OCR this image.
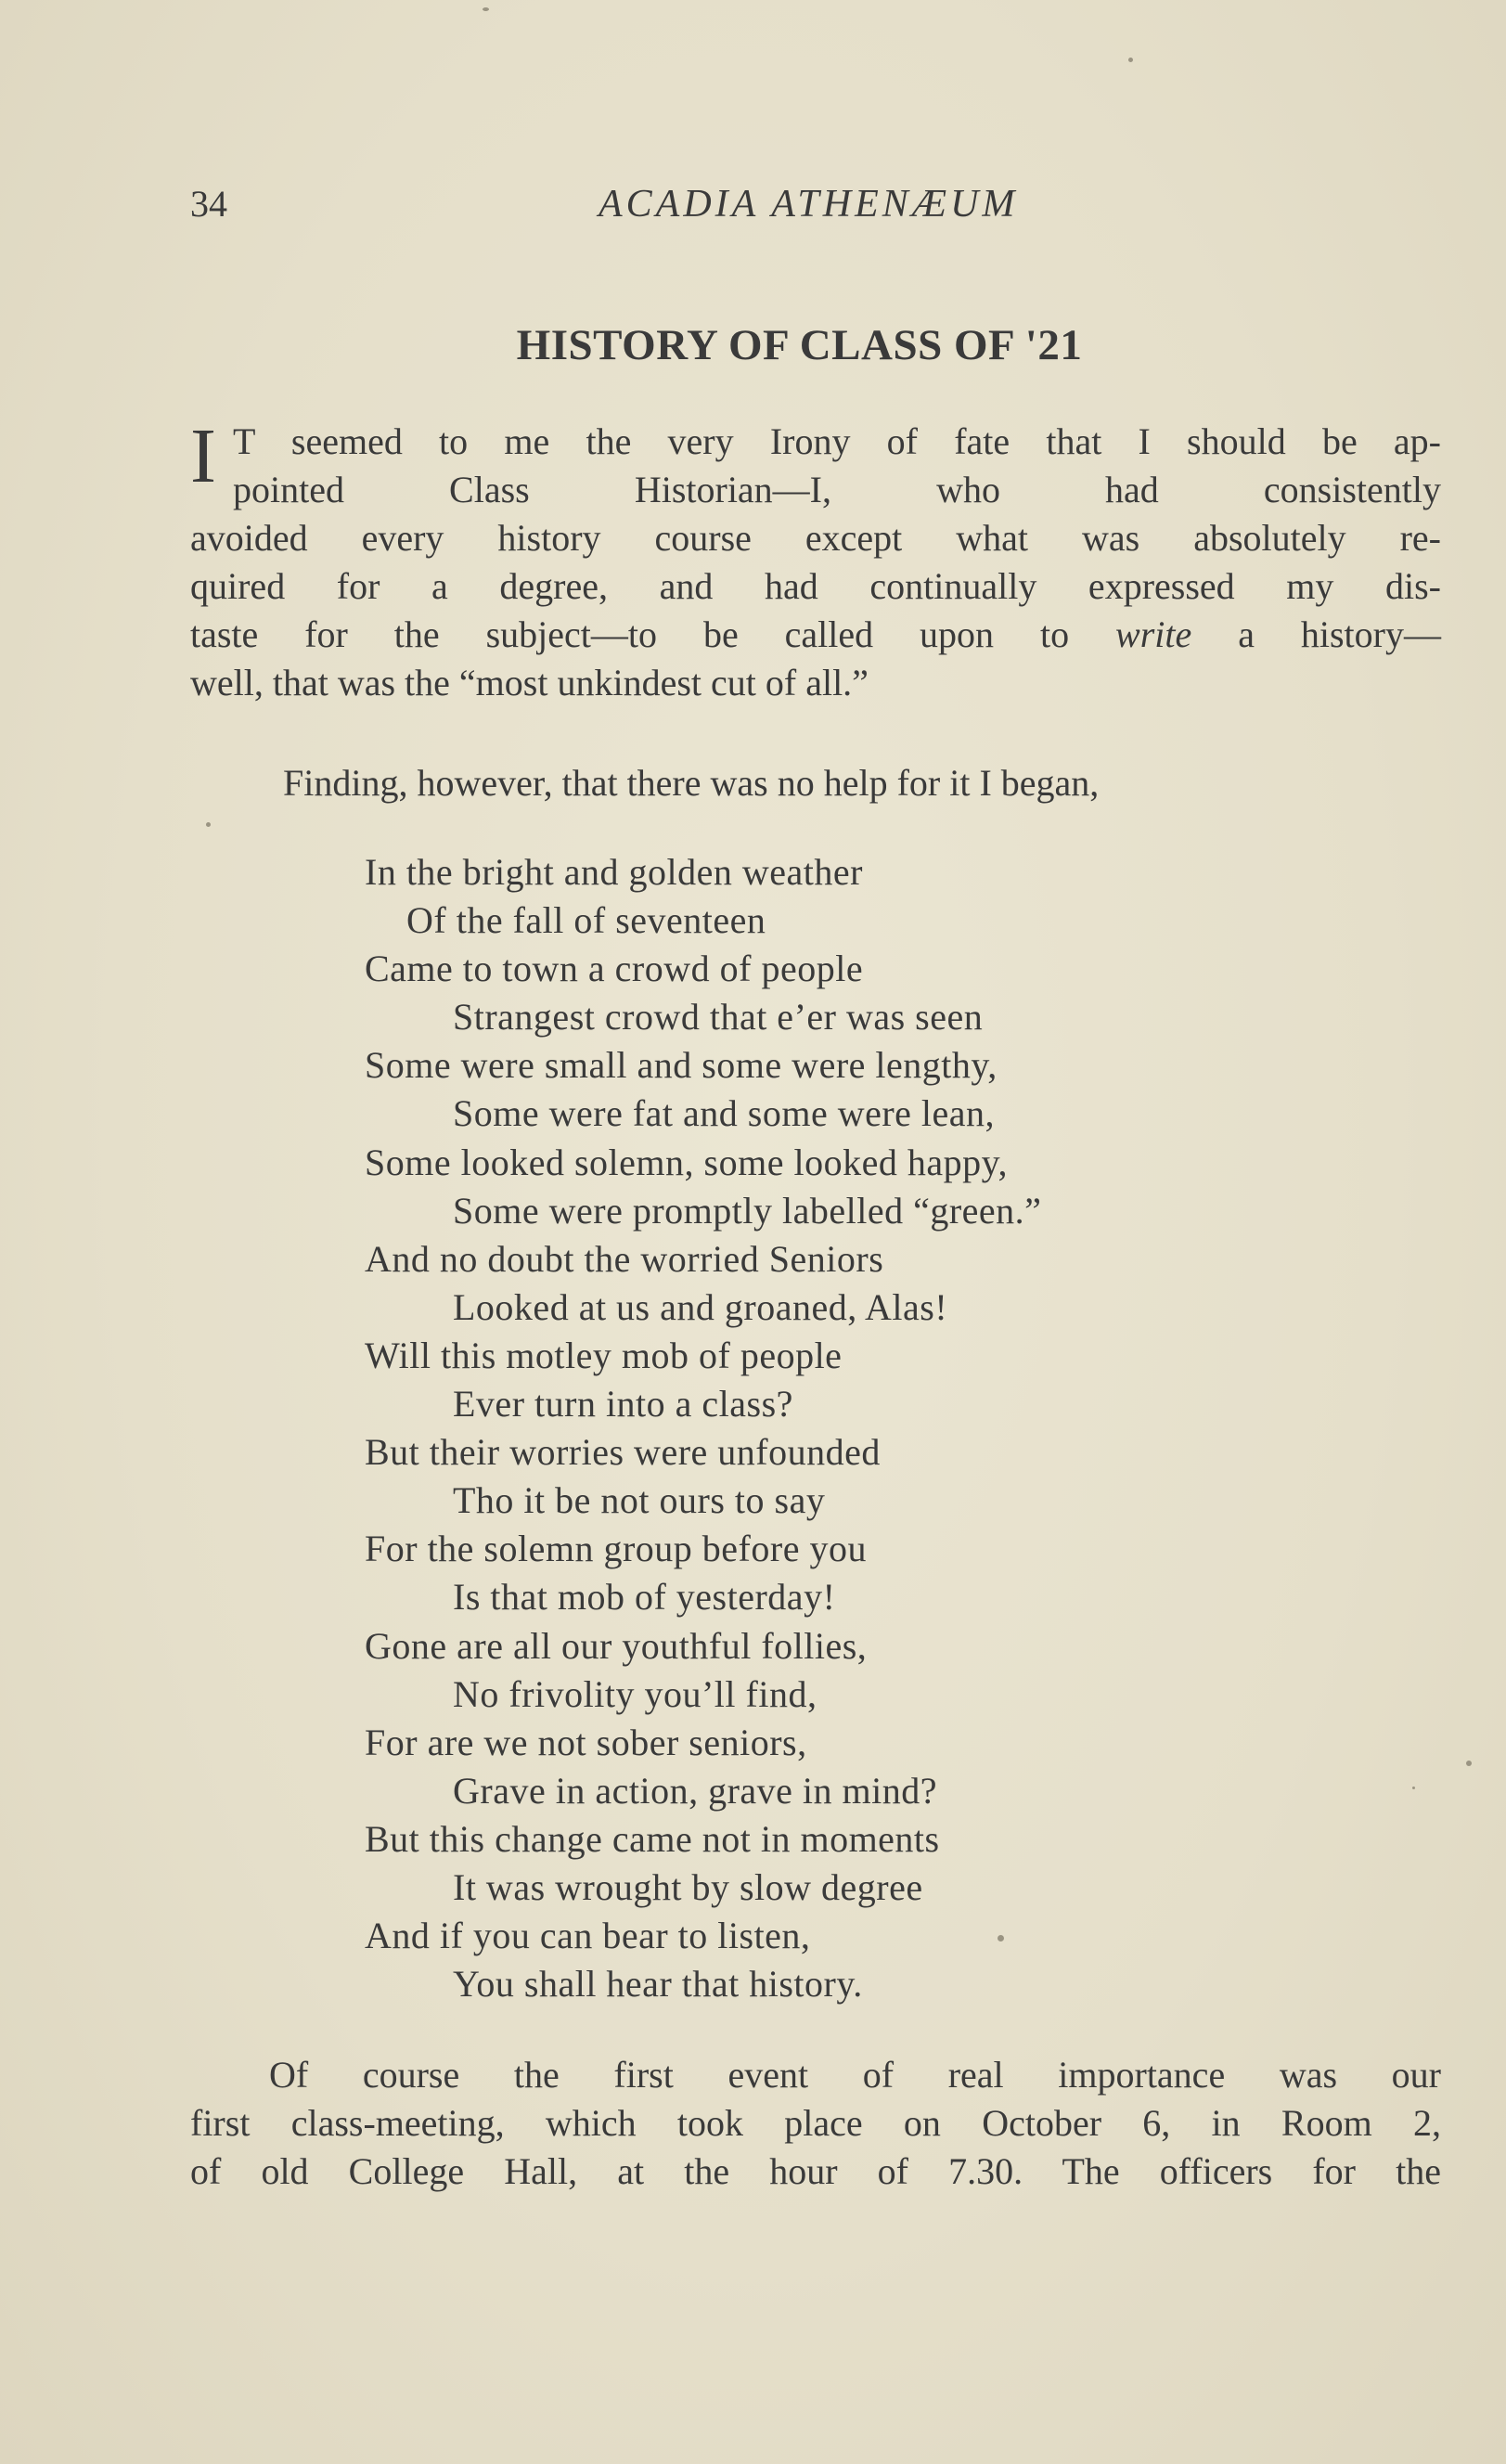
34	ACADIA ATHENÆUM
HISTORY OF CLASS OF '21
I T seemed to me the very Irony of fate that I should be ap-
pointed Class Historian—I, who had consistently
avoided every history course except what was absolutely re-
quired for a degree, and had continually expressed my dis-
taste for the subject—to be called upon to write a history—
well, that was the “most unkindest cut of all.”
Finding, however, that there was no help for it I began,
In the bright and golden weather
Of the fall of seventeen
Came to town a crowd of people
Strangest crowd that e’er was seen
Some were small and some were lengthy,
Some were fat and some were lean,
Some looked solemn, some looked happy,
Some were promptly labelled “green.”
And no doubt the worried Seniors
Looked at us and groaned, Alas!
Will this motley mob of people
Ever turn into a class?
But their worries were unfounded
Tho it be not ours to say
For the solemn group before you
Is that mob of yesterday!
Gone are all our youthful follies,
No frivolity you’ll find,
For are we not sober seniors,
Grave in action, grave in mind?
But this change came not in moments
It was wrought by slow degree
And if you can bear to listen,
You shall hear that history.
Of course the first event of real importance was our
first class-meeting, which took place on October 6, in Room 2,
of old College Hall, at the hour of 7.30. The officers for the
